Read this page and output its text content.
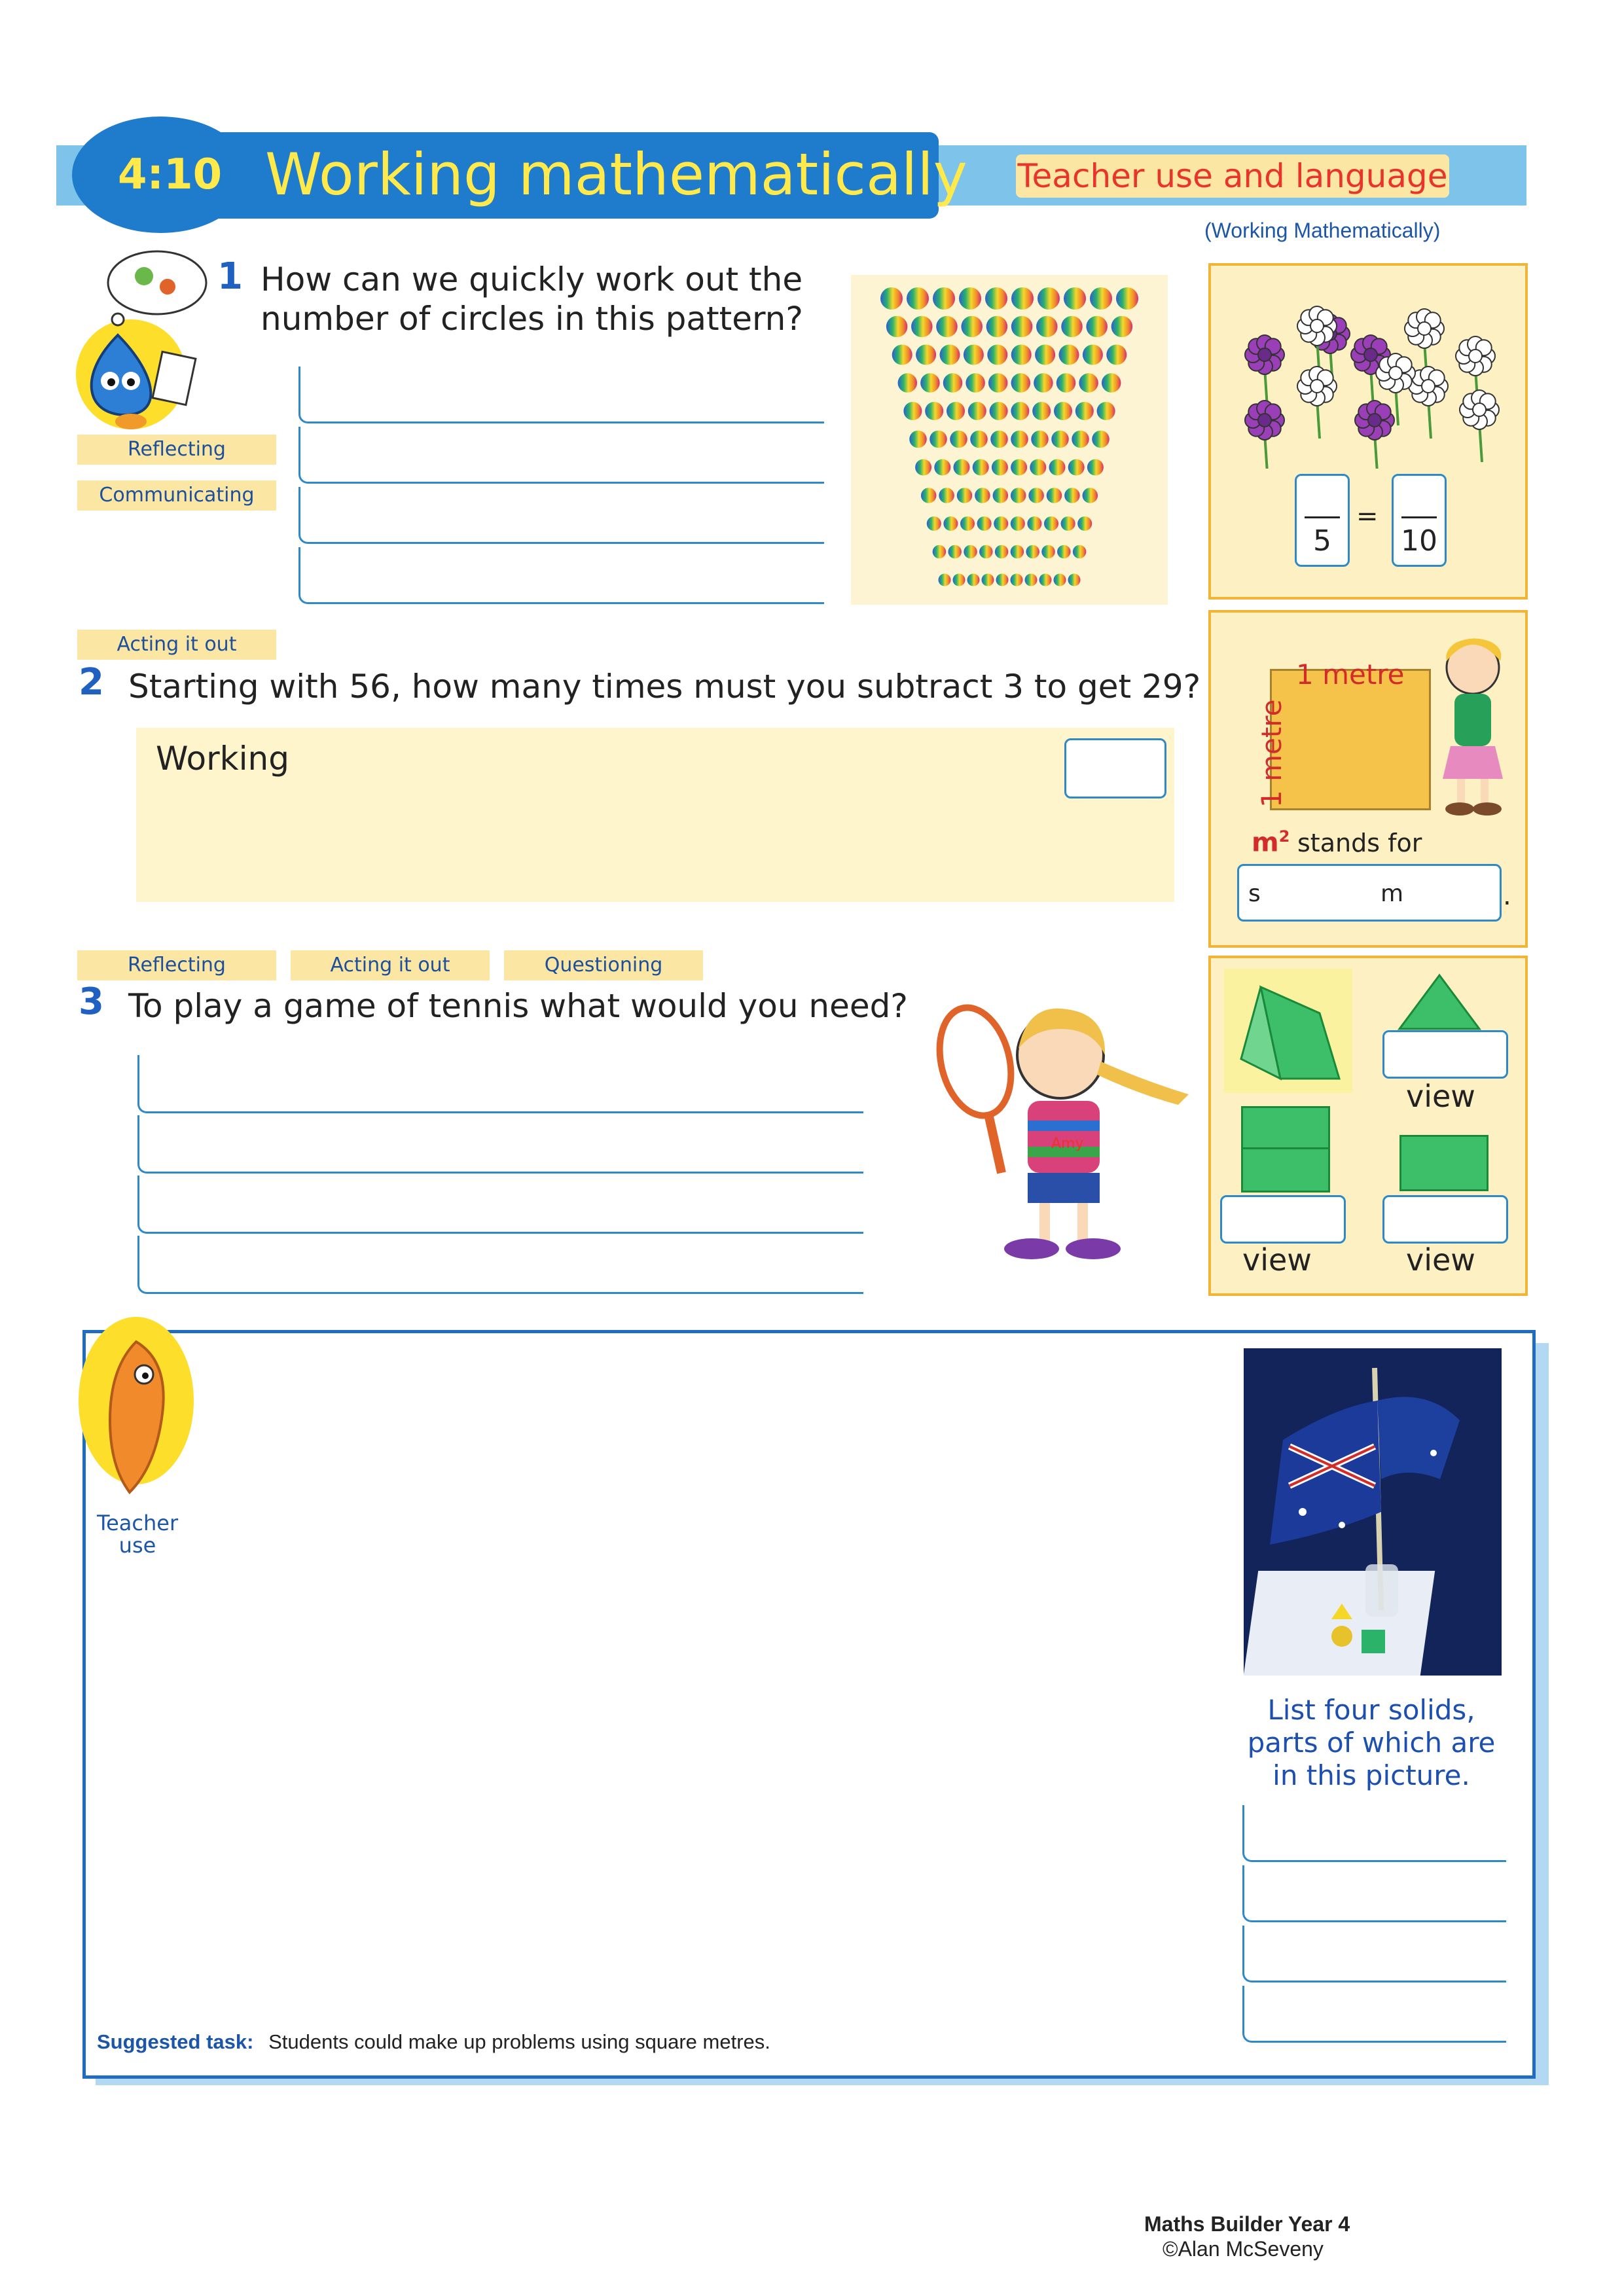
4:10 Working mathematically Teacher use and language
(Working Mathematically)
1 How can we quickly work out the
number of circles in this pattern?
Reflecting
Communicating
5
=
10
Acting it out
2 Starting with 56, how many times must you subtract 3 to get 29?
Working
1 metre
1 metre
$m^2$ stands for
s	m	.
Reflecting	Acting it out	Questioning
3 To play a game of tennis what would you need?
Amy
view
view	view
Teacher
use
List four solids,
parts of which are
in this picture.
Suggested task: Students could make up problems using square metres.
Maths Builder Year 4
©Alan McSeveny
